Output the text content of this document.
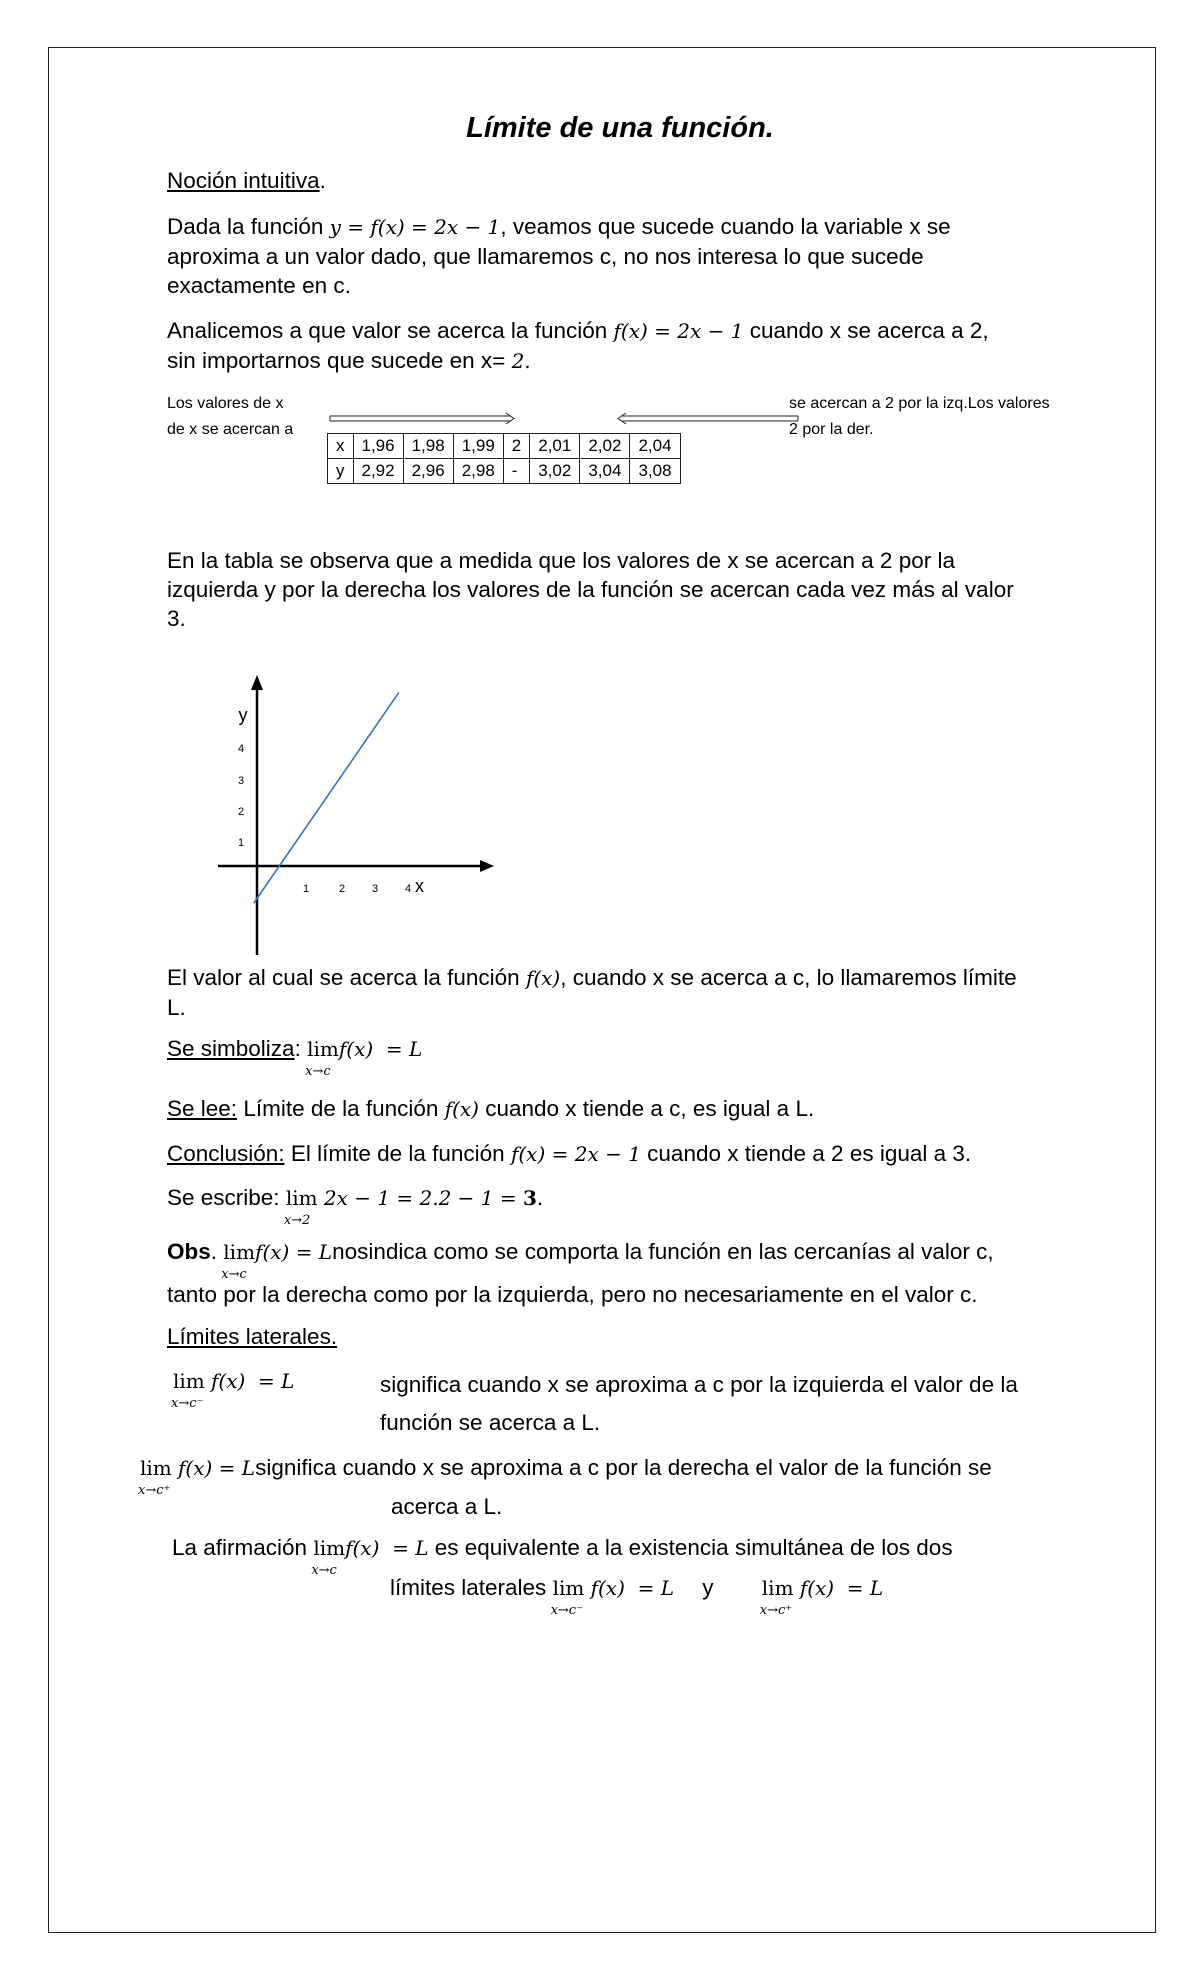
Límite de una función.
Noción intuitiva.
Dada la función y = f(x) = 2x − 1, veamos que sucede cuando la variable x se
aproxima a un valor dado, que llamaremos c, no nos interesa lo que sucede
exactamente en c.
Analicemos a que valor se acerca la función f(x) = 2x − 1 cuando x se acerca a 2,
sin importarnos que sucede en x= 2.
Los valores de x
de x se acercan a
se acercan a 2 por la izq.Los valores
2 por la der.
x	1,96	1,98	1,99	2	2,01	2,02	2,04
y	2,92	2,96	2,98	-	3,02	3,04	3,08
En la tabla se observa que a medida que los valores de x se acercan a 2 por la
izquierda y por la derecha los valores de la función se acercan cada vez más al valor
3.
1	2 3 4
1
2
3
4
x
y
El valor al cual se acerca la función f(x), cuando x se acerca a c, lo llamaremos límite
L.
Se simboliza: lim
x→c
f(x)  = L
Se lee: Límite de la función f(x) cuando x tiende a c, es igual a L.
Conclusión: El límite de la función f(x) = 2x − 1 cuando x tiende a 2 es igual a 3.
Se escribe: lim
x→2
2x − 1 = 2.2 − 1 = 3.
Obs. lim
x→c
f(x) = Lnosindica como se comporta la función en las cercanías al valor c,
tanto por la derecha como por la izquierda, pero no necesariamente en el valor c.
Límites laterales.
lim
x→c⁻
f(x)  = L	significa cuando x se aproxima a c por la izquierda el valor de la
función se acerca a L.
lim
x→c⁺
f(x) = Lsignifica cuando x se aproxima a c por la derecha el valor de la función se
acerca a L.
La afirmación lim
x→c
f(x)  = L es equivalente a la existencia simultánea de los dos
límites laterales lim
x→c⁻
f(x)  = L y lim
x→c⁺
f(x)  = L
